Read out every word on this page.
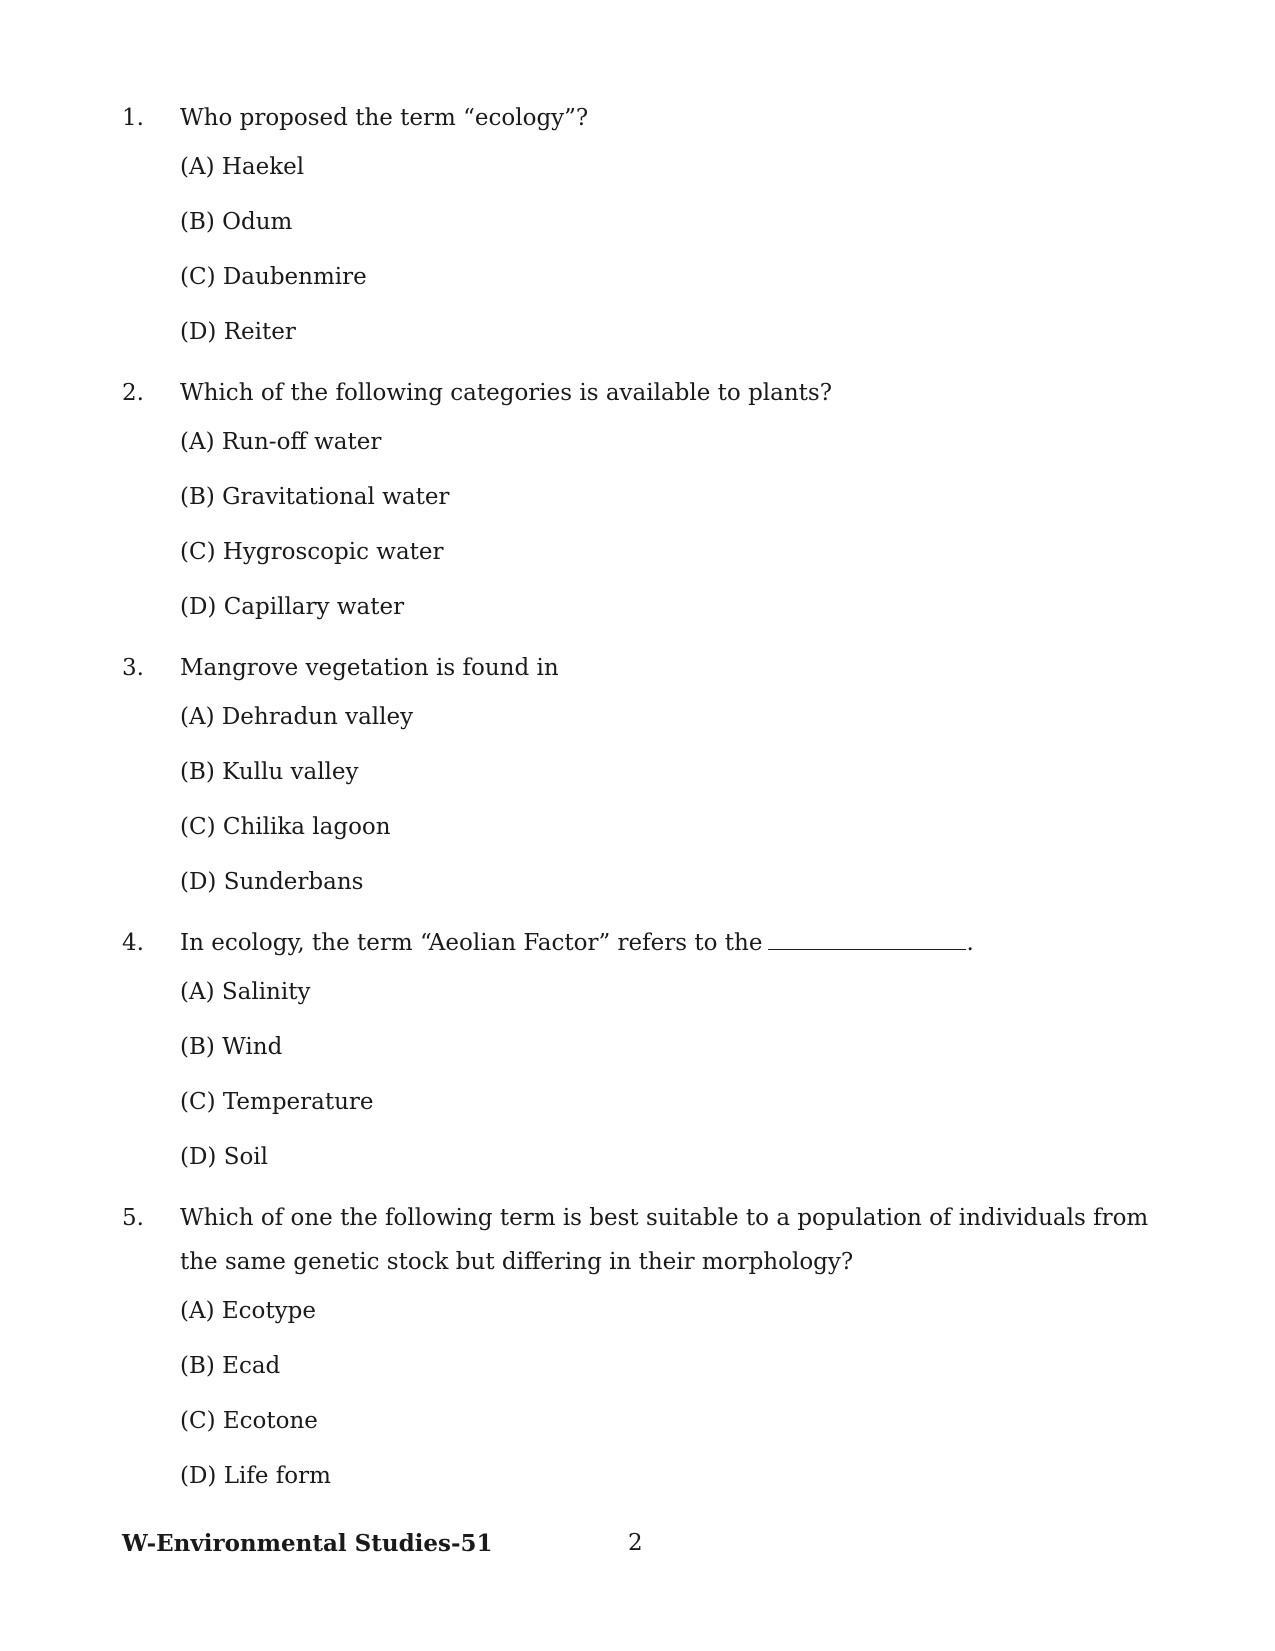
1.	Who proposed the term “ecology”?
(A) Haekel
(B) Odum
(C) Daubenmire
(D) Reiter
2.	Which of the following categories is available to plants?
(A) Run-off water
(B) Gravitational water
(C) Hygroscopic water
(D) Capillary water
3.	Mangrove vegetation is found in
(A) Dehradun valley
(B) Kullu valley
(C) Chilika lagoon
(D) Sunderbans
4.	In ecology, the term “Aeolian Factor” refers to the	.
(A) Salinity
(B) Wind
(C) Temperature
(D) Soil
5.	Which of one the following term is best suitable to a population of individuals from the same genetic stock but differing in their morphology?
(A) Ecotype
(B) Ecad
(C) Ecotone
(D) Life form
W-Environmental Studies-51	2
